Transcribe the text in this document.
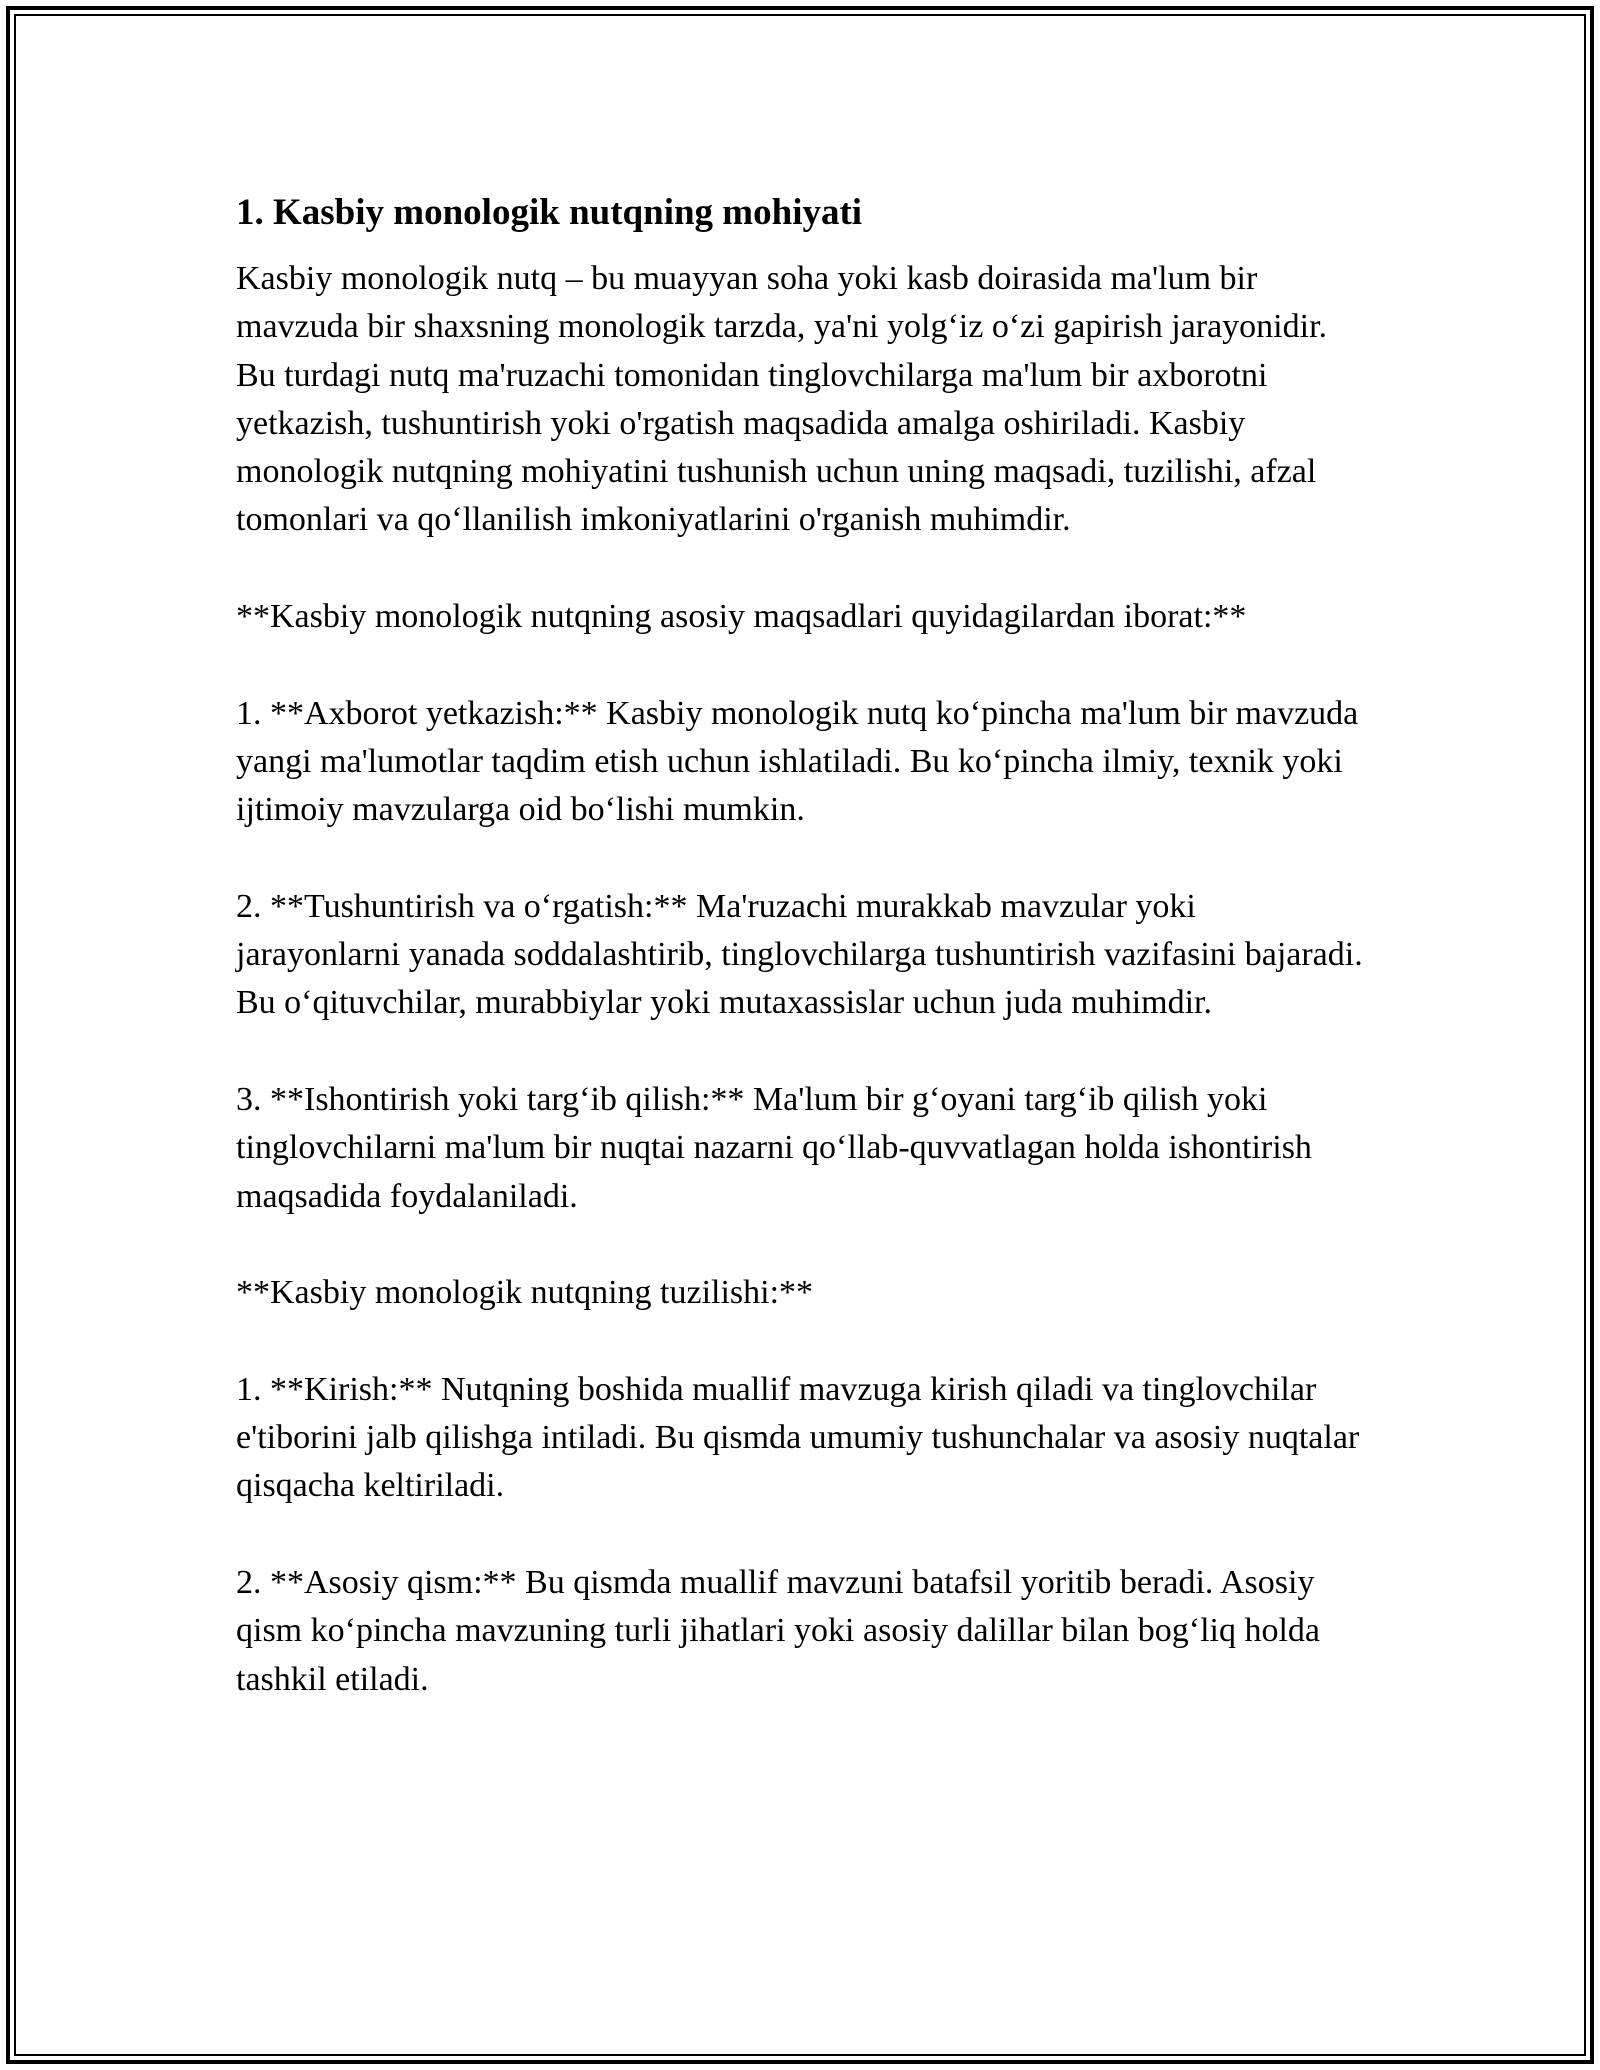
1. Kasbiy monologik nutqning mohiyati

Kasbiy monologik nutq – bu muayyan soha yoki kasb doirasida ma'lum bir mavzuda bir shaxsning monologik tarzda, ya'ni yolg‘iz o‘zi gapirish jarayonidir. Bu turdagi nutq ma'ruzachi tomonidan tinglovchilarga ma'lum bir axborotni yetkazish, tushuntirish yoki o'rgatish maqsadida amalga oshiriladi. Kasbiy monologik nutqning mohiyatini tushunish uchun uning maqsadi, tuzilishi, afzal tomonlari va qo‘llanilish imkoniyatlarini o'rganish muhimdir.

**Kasbiy monologik nutqning asosiy maqsadlari quyidagilardan iborat:**

1. **Axborot yetkazish:** Kasbiy monologik nutq ko‘pincha ma'lum bir mavzuda yangi ma'lumotlar taqdim etish uchun ishlatiladi. Bu ko‘pincha ilmiy, texnik yoki ijtimoiy mavzularga oid bo‘lishi mumkin.

2. **Tushuntirish va o‘rgatish:** Ma'ruzachi murakkab mavzular yoki jarayonlarni yanada soddalashtirib, tinglovchilarga tushuntirish vazifasini bajaradi. Bu o‘qituvchilar, murabbiylar yoki mutaxassislar uchun juda muhimdir.

3. **Ishontirish yoki targ‘ib qilish:** Ma'lum bir g‘oyani targ‘ib qilish yoki tinglovchilarni ma'lum bir nuqtai nazarni qo‘llab-quvvatlagan holda ishontirish maqsadida foydalaniladi.

**Kasbiy monologik nutqning tuzilishi:**

1. **Kirish:** Nutqning boshida muallif mavzuga kirish qiladi va tinglovchilar e'tiborini jalb qilishga intiladi. Bu qismda umumiy tushunchalar va asosiy nuqtalar qisqacha keltiriladi.

2. **Asosiy qism:** Bu qismda muallif mavzuni batafsil yoritib beradi. Asosiy qism ko‘pincha mavzuning turli jihatlari yoki asosiy dalillar bilan bog‘liq holda tashkil etiladi.
